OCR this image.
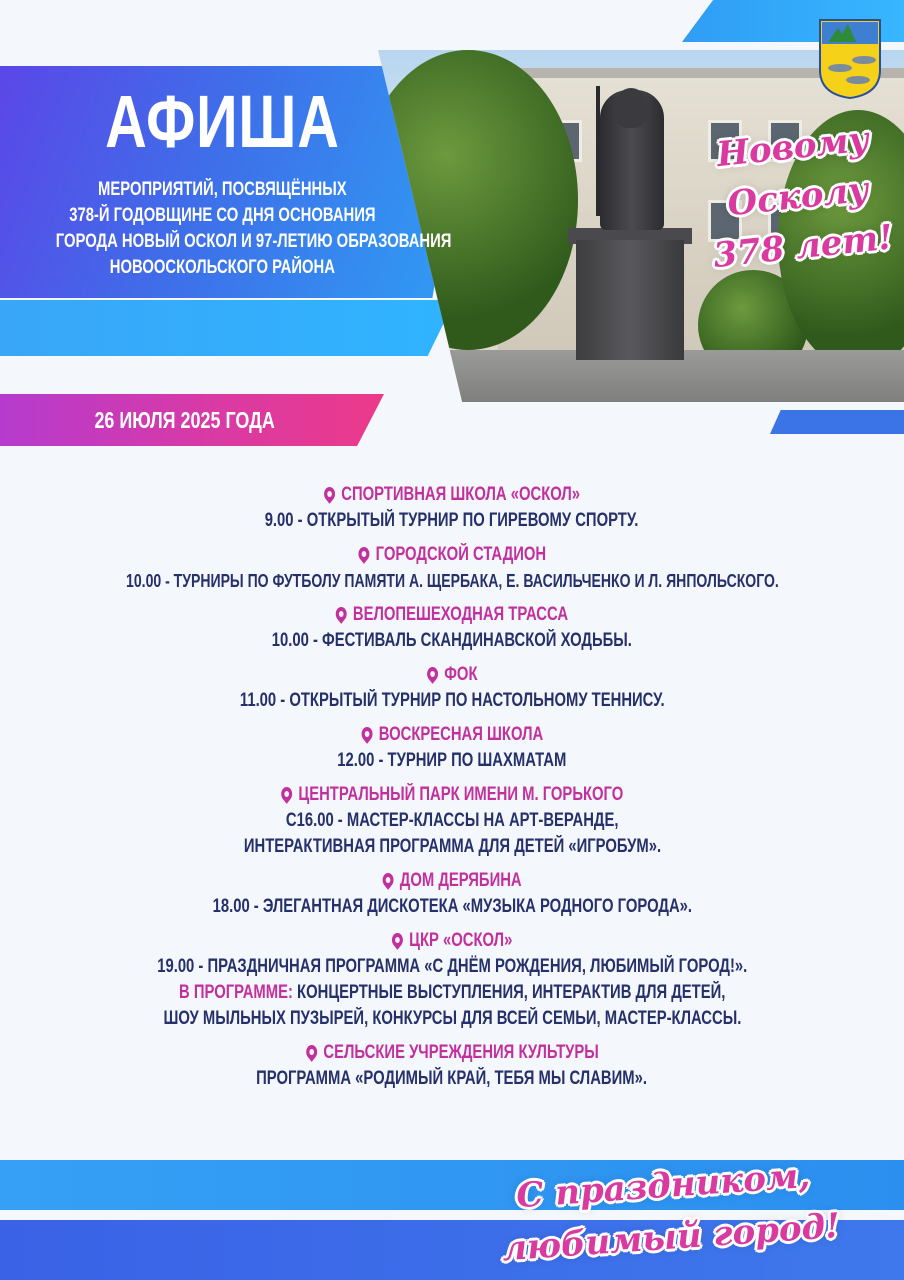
АФИША
МЕРОПРИЯТИЙ, ПОСВЯЩЁННЫХ
378-Й ГОДОВЩИНЕ СО ДНЯ ОСНОВАНИЯ
ГОРОДА НОВЫЙ ОСКОЛ И 97-ЛЕТИЮ ОБРАЗОВАНИЯ
НОВООСКОЛЬСКОГО РАЙОНА
26 ИЮЛЯ 2025 ГОДА
Новому
Осколу
378 лет!
С праздником,
любимый город!
СПОРТИВНАЯ ШКОЛА «ОСКОЛ»
9.00 - ОТКРЫТЫЙ ТУРНИР ПО ГИРЕВОМУ СПОРТУ.
ГОРОДСКОЙ СТАДИОН
10.00 - ТУРНИРЫ ПО ФУТБОЛУ ПАМЯТИ А. ЩЕРБАКА, Е. ВАСИЛЬЧЕНКО И Л. ЯНПОЛЬСКОГО.
ВЕЛОПЕШЕХОДНАЯ ТРАССА
10.00 - ФЕСТИВАЛЬ СКАНДИНАВСКОЙ ХОДЬБЫ.
ФОК
11.00 - ОТКРЫТЫЙ ТУРНИР ПО НАСТОЛЬНОМУ ТЕННИСУ.
ВОСКРЕСНАЯ ШКОЛА
12.00 - ТУРНИР ПО ШАХМАТАМ
ЦЕНТРАЛЬНЫЙ ПАРК ИМЕНИ М. ГОРЬКОГО
С16.00 - МАСТЕР-КЛАССЫ НА АРТ-ВЕРАНДЕ,
ИНТЕРАКТИВНАЯ ПРОГРАММА ДЛЯ ДЕТЕЙ «ИГРОБУМ».
ДОМ ДЕРЯБИНА
18.00 - ЭЛЕГАНТНАЯ ДИСКОТЕКА «МУЗЫКА РОДНОГО ГОРОДА».
ЦКР «ОСКОЛ»
19.00 - ПРАЗДНИЧНАЯ ПРОГРАММА «С ДНЁМ РОЖДЕНИЯ, ЛЮБИМЫЙ ГОРОД!».
В ПРОГРАММЕ: КОНЦЕРТНЫЕ ВЫСТУПЛЕНИЯ, ИНТЕРАКТИВ ДЛЯ ДЕТЕЙ,
ШОУ МЫЛЬНЫХ ПУЗЫРЕЙ, КОНКУРСЫ ДЛЯ ВСЕЙ СЕМЬИ, МАСТЕР-КЛАССЫ.
СЕЛЬСКИЕ УЧРЕЖДЕНИЯ КУЛЬТУРЫ
ПРОГРАММА «РОДИМЫЙ КРАЙ, ТЕБЯ МЫ СЛАВИМ».
